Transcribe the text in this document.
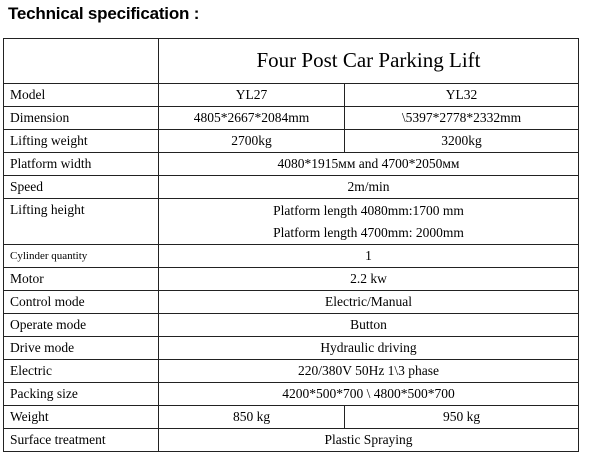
Technical specification :
	Four Post Car Parking Lift	
Model	YL27	YL32
Dimension	4805*2667*2084mm	\5397*2778*2332mm
Lifting weight	2700kg	3200kg
Platform width	4080*1915мм and 4700*2050мм	
Speed	2m/min	
Lifting height	Platform length 4080mm:1700 mm
Platform length 4700mm: 2000mm	

Cylinder quantity	1	
Motor	2.2 kw	
Control mode	Electric/Manual	
Operate mode	Button	
Drive mode	Hydraulic driving	
Electric	220/380V 50Hz 1\3 phase	
Packing size	4200*500*700 \ 4800*500*700	
Weight	850 kg	950 kg
Surface treatment	Plastic Spraying	
